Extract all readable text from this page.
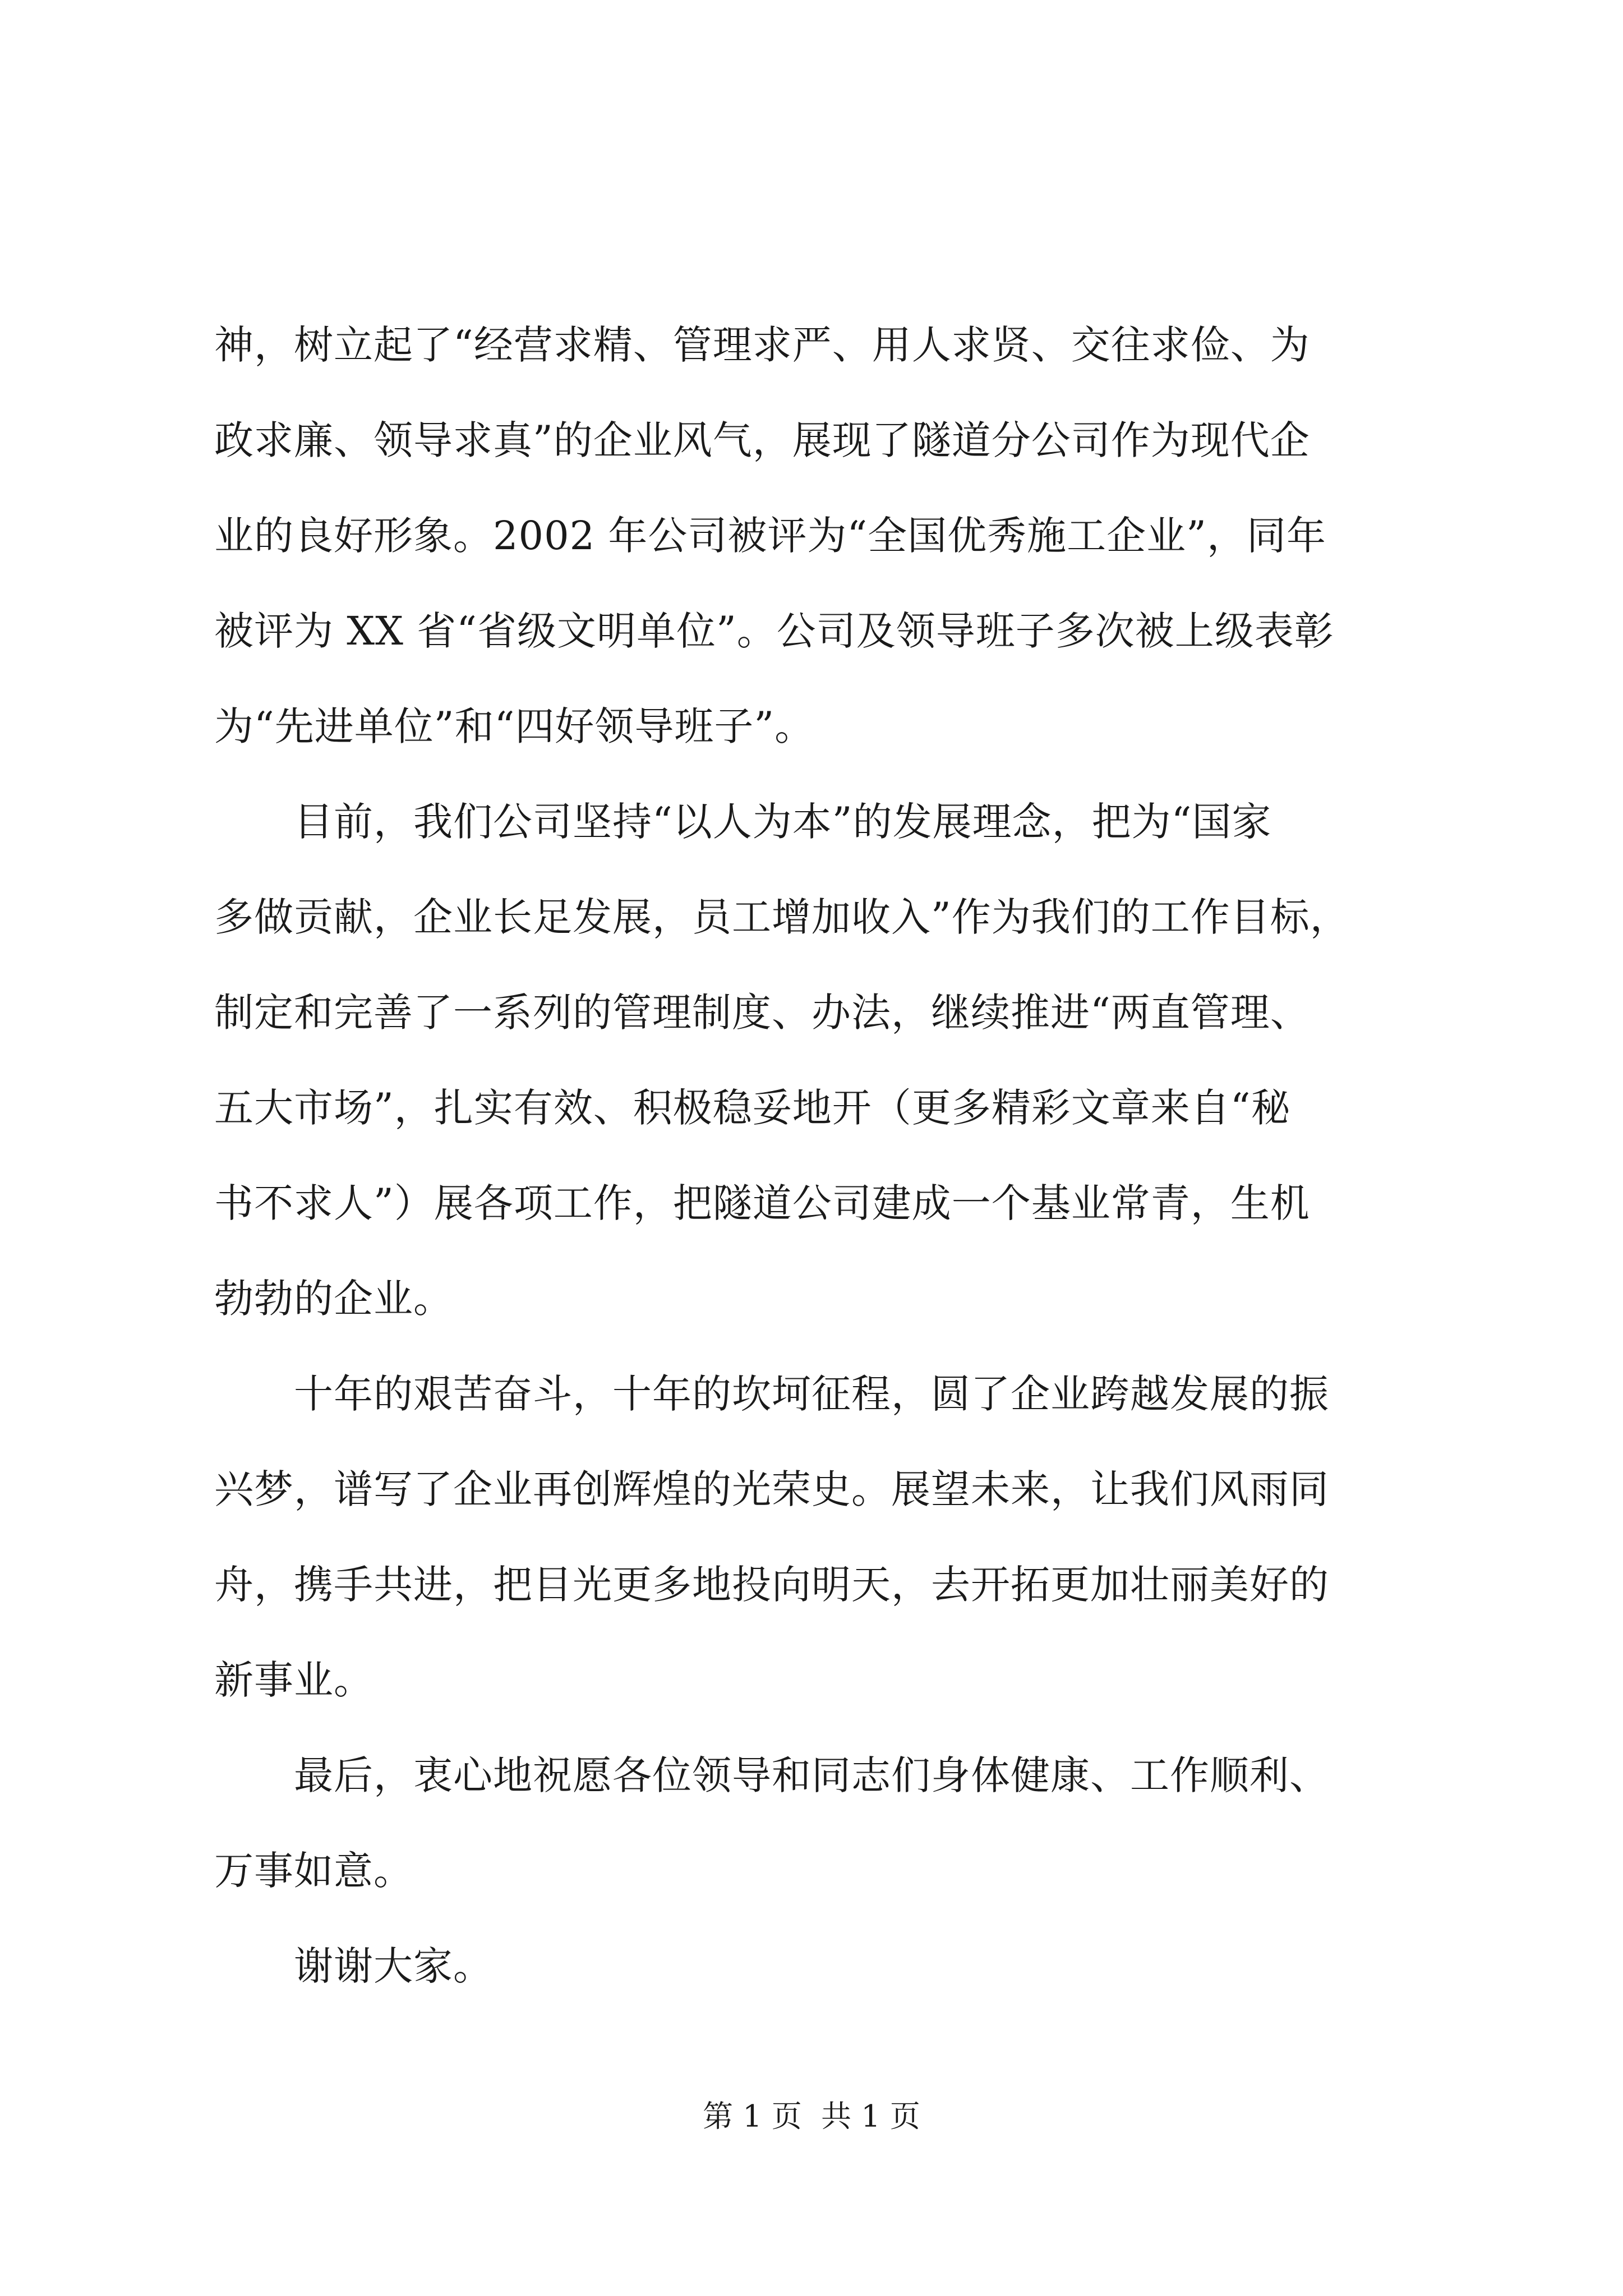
神，树立起了“经营求精、管理求严、用人求贤、交往求俭、为
政求廉、领导求真”的企业风气，展现了隧道分公司作为现代企
业的良好形象。2002 年公司被评为“全国优秀施工企业”，同年
被评为 XX 省“省级文明单位”。公司及领导班子多次被上级表彰
为“先进单位”和“四好领导班子”。
　　目前，我们公司坚持“以人为本”的发展理念，把为“国家
多做贡献，企业长足发展，员工增加收入”作为我们的工作目标，
制定和完善了一系列的管理制度、办法，继续推进“两直管理、
五大市场”，扎实有效、积极稳妥地开（更多精彩文章来自“秘
书不求人”）展各项工作，把隧道公司建成一个基业常青，生机
勃勃的企业。
　　十年的艰苦奋斗，十年的坎坷征程，圆了企业跨越发展的振
兴梦，谱写了企业再创辉煌的光荣史。展望未来，让我们风雨同
舟，携手共进，把目光更多地投向明天，去开拓更加壮丽美好的
新事业。
　　最后，衷心地祝愿各位领导和同志们身体健康、工作顺利、
万事如意。
　　谢谢大家。
第 1 页  共 1 页
